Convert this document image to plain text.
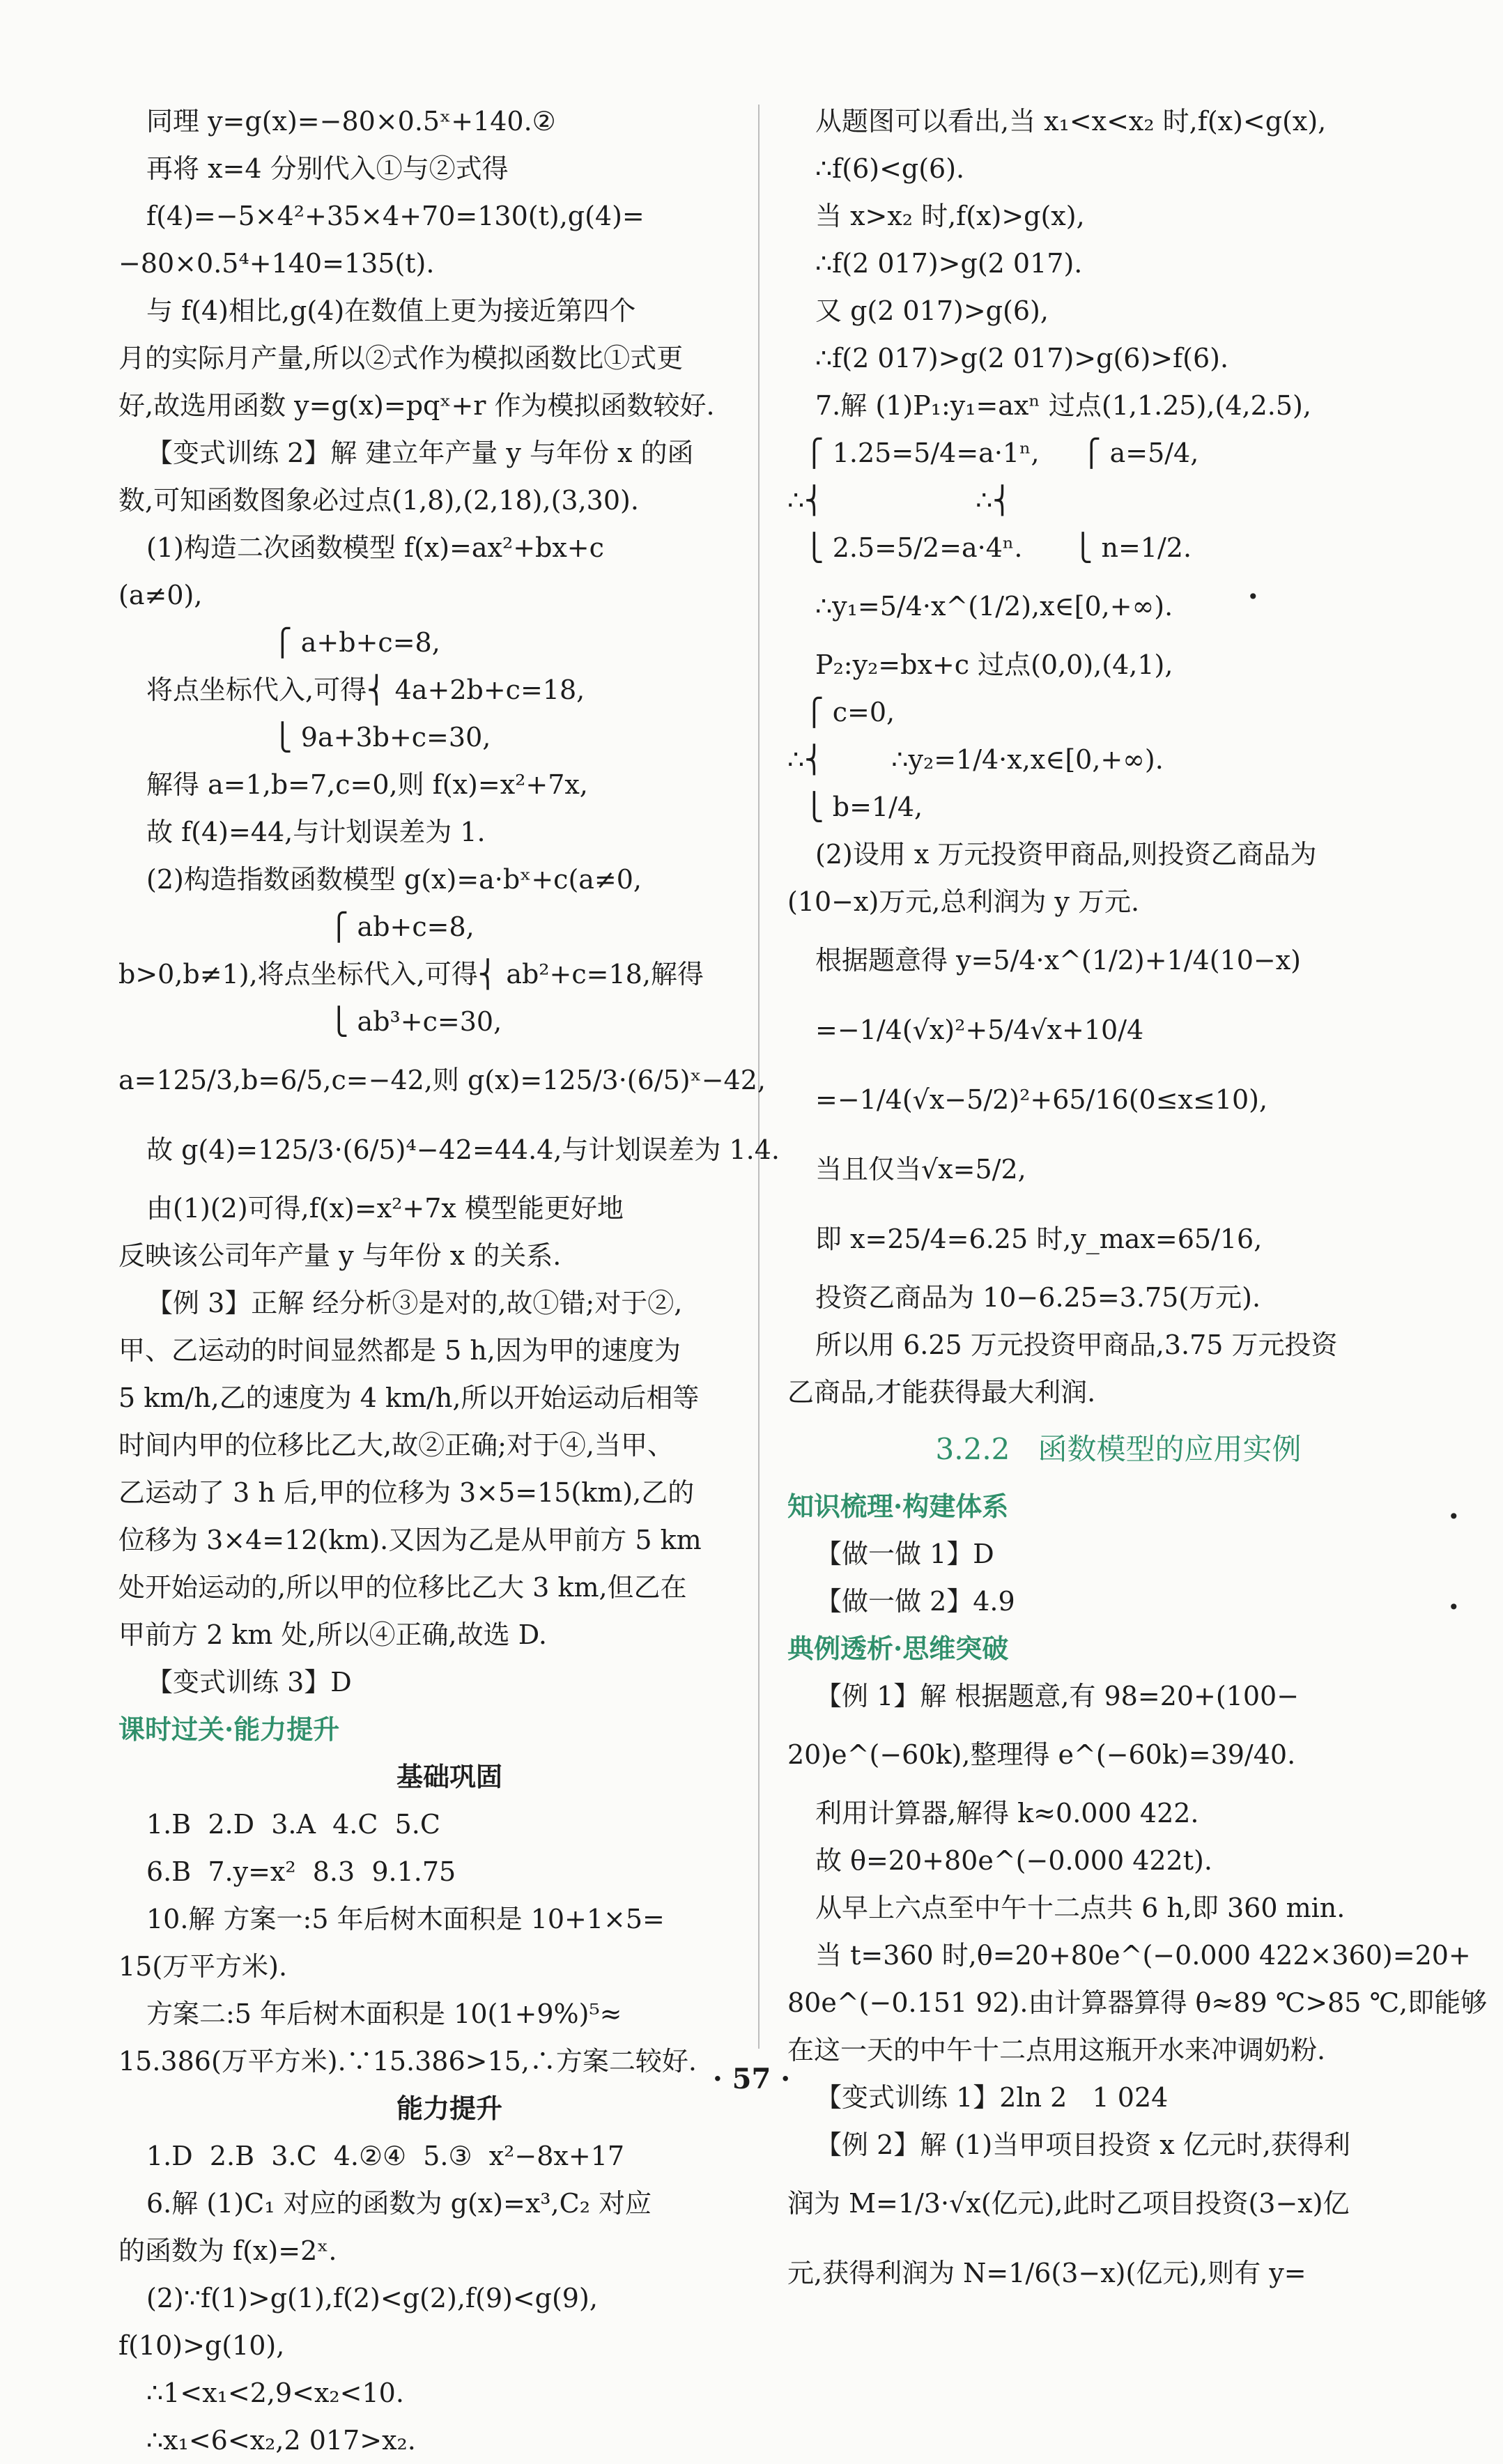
同理 y=g(x)=−80×0.5ˣ+140.②
再将 x=4 分别代入①与②式得
f(4)=−5×4²+35×4+70=130(t),g(4)=
−80×0.5⁴+140=135(t).
与 f(4)相比,g(4)在数值上更为接近第四个
月的实际月产量,所以②式作为模拟函数比①式更
好,故选用函数 y=g(x)=pqˣ+r 作为模拟函数较好.
【变式训练 2】解 建立年产量 y 与年份 x 的函
数,可知函数图象必过点(1,8),(2,18),(3,30).
(1)构造二次函数模型 f(x)=ax²+bx+c
(a≠0),
⎧ a+b+c=8,
将点坐标代入,可得⎨ 4a+2b+c=18,
⎩ 9a+3b+c=30,
解得 a=1,b=7,c=0,则 f(x)=x²+7x,
故 f(4)=44,与计划误差为 1.
(2)构造指数函数模型 g(x)=a·bˣ+c(a≠0,
⎧ ab+c=8,
b>0,b≠1),将点坐标代入,可得⎨ ab²+c=18,解得
⎩ ab³+c=30,
a=125/3,b=6/5,c=−42,则 g(x)=125/3·(6/5)ˣ−42,
故 g(4)=125/3·(6/5)⁴−42=44.4,与计划误差为 1.4.
由(1)(2)可得,f(x)=x²+7x 模型能更好地
反映该公司年产量 y 与年份 x 的关系.
【例 3】正解 经分析③是对的,故①错;对于②,
甲、乙运动的时间显然都是 5 h,因为甲的速度为
5 km/h,乙的速度为 4 km/h,所以开始运动后相等
时间内甲的位移比乙大,故②正确;对于④,当甲、
乙运动了 3 h 后,甲的位移为 3×5=15(km),乙的
位移为 3×4=12(km).又因为乙是从甲前方 5 km
处开始运动的,所以甲的位移比乙大 3 km,但乙在
甲前方 2 km 处,所以④正确,故选 D.
【变式训练 3】D
课时过关·能力提升
基础巩固
1.B  2.D  3.A  4.C  5.C
6.B  7.y=x²  8.3  9.1.75
10.解 方案一:5 年后树木面积是 10+1×5=
15(万平方米).
方案二:5 年后树木面积是 10(1+9%)⁵≈
15.386(万平方米).∵15.386>15,∴方案二较好.
能力提升
1.D  2.B  3.C  4.②④  5.③  x²−8x+17
6.解 (1)C₁ 对应的函数为 g(x)=x³,C₂ 对应
的函数为 f(x)=2ˣ.
(2)∵f(1)>g(1),f(2)<g(2),f(9)<g(9),
f(10)>g(10),
∴1<x₁<2,9<x₂<10.
∴x₁<6<x₂,2 017>x₂.
从题图可以看出,当 x₁<x<x₂ 时,f(x)<g(x),
∴f(6)<g(6).
当 x>x₂ 时,f(x)>g(x),
∴f(2 017)>g(2 017).
又 g(2 017)>g(6),
∴f(2 017)>g(2 017)>g(6)>f(6).
7.解 (1)P₁:y₁=axⁿ 过点(1,1.25),(4,2.5),
⎧ 1.25=5/4=a·1ⁿ,     ⎧ a=5/4,
∴⎨                  ∴⎨
⎩ 2.5=5/2=a·4ⁿ.      ⎩ n=1/2.
∴y₁=5/4·x^(1/2),x∈[0,+∞).
P₂:y₂=bx+c 过点(0,0),(4,1),
⎧ c=0,
∴⎨        ∴y₂=1/4·x,x∈[0,+∞).
⎩ b=1/4,
(2)设用 x 万元投资甲商品,则投资乙商品为
(10−x)万元,总利润为 y 万元.
根据题意得 y=5/4·x^(1/2)+1/4(10−x)
=−1/4(√x)²+5/4√x+10/4
=−1/4(√x−5/2)²+65/16(0≤x≤10),
当且仅当√x=5/2,
即 x=25/4=6.25 时,y_max=65/16,
投资乙商品为 10−6.25=3.75(万元).
所以用 6.25 万元投资甲商品,3.75 万元投资
乙商品,才能获得最大利润.
3.2.2   函数模型的应用实例
知识梳理·构建体系
【做一做 1】D
【做一做 2】4.9
典例透析·思维突破
【例 1】解 根据题意,有 98=20+(100−
20)e^(−60k),整理得 e^(−60k)=39/40.
利用计算器,解得 k≈0.000 422.
故 θ=20+80e^(−0.000 422t).
从早上六点至中午十二点共 6 h,即 360 min.
当 t=360 时,θ=20+80e^(−0.000 422×360)=20+
80e^(−0.151 92).由计算器算得 θ≈89 ℃>85 ℃,即能够
在这一天的中午十二点用这瓶开水来冲调奶粉.
【变式训练 1】2ln 2   1 024
【例 2】解 (1)当甲项目投资 x 亿元时,获得利
润为 M=1/3·√x(亿元),此时乙项目投资(3−x)亿
元,获得利润为 N=1/6(3−x)(亿元),则有 y=
· 57 ·
•
•
•
